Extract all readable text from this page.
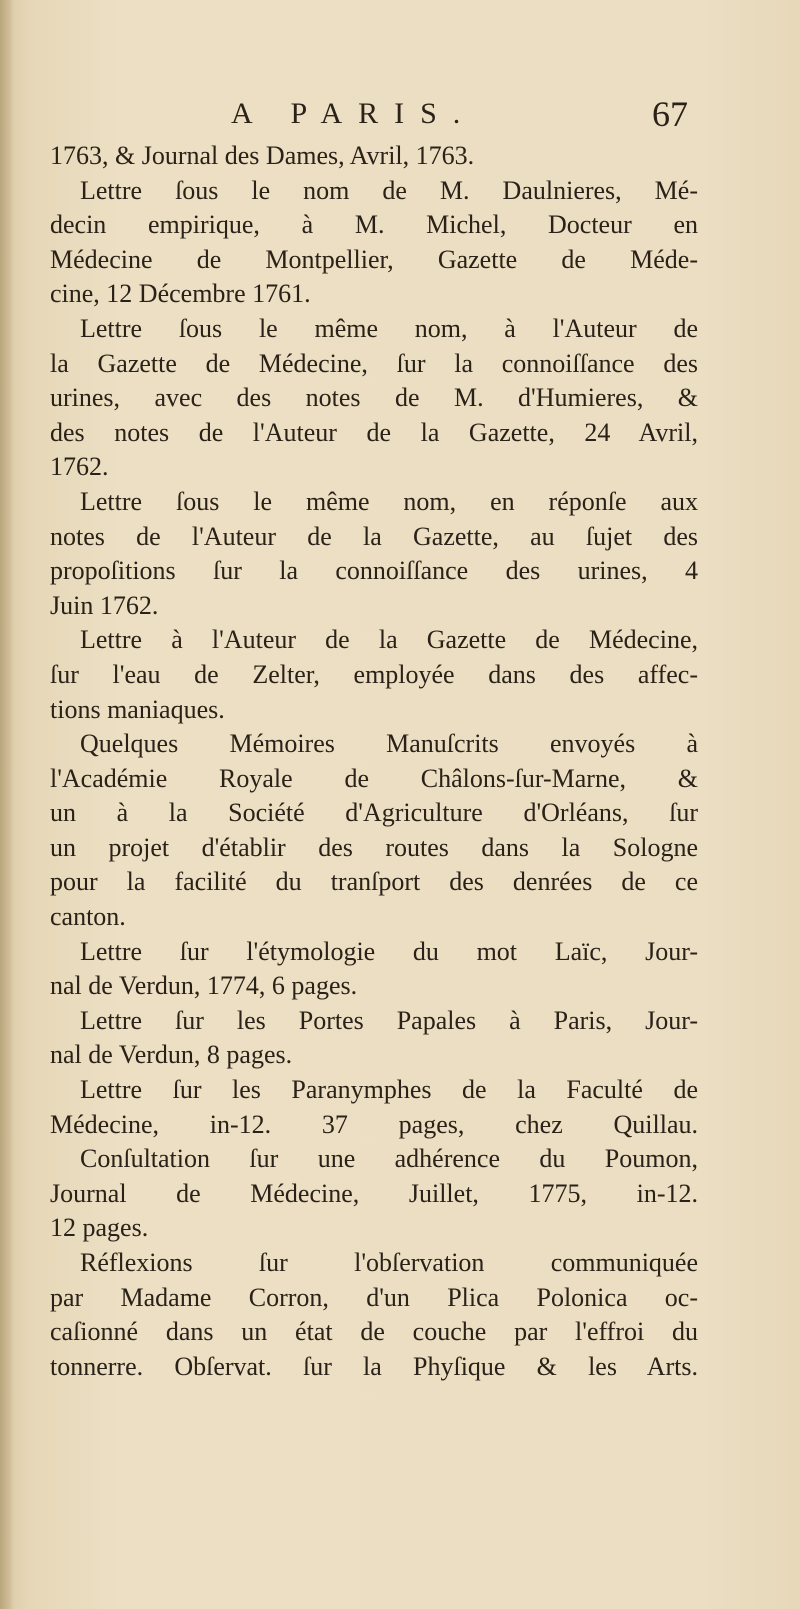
A PARIS.	67
1763, & Journal des Dames, Avril, 1763.
Lettre ſous le nom de M. Daulnieres, Mé-
decin empirique, à M. Michel, Docteur en
Médecine de Montpellier, Gazette de Méde-
cine, 12 Décembre 1761.
Lettre ſous le même nom, à l'Auteur de
la Gazette de Médecine, ſur la connoiſſance des
urines, avec des notes de M. d'Humieres, &
des notes de l'Auteur de la Gazette, 24 Avril,
1762.
Lettre ſous le même nom, en réponſe aux
notes de l'Auteur de la Gazette, au ſujet des
propoſitions ſur la connoiſſance des urines, 4
Juin 1762.
Lettre à l'Auteur de la Gazette de Médecine,
ſur l'eau de Zelter, employée dans des affec-
tions maniaques.
Quelques Mémoires Manuſcrits envoyés à
l'Académie Royale de Châlons-ſur-Marne, &
un à la Société d'Agriculture d'Orléans, ſur
un projet d'établir des routes dans la Sologne
pour la facilité du tranſport des denrées de ce
canton.
Lettre ſur l'étymologie du mot Laïc, Jour-
nal de Verdun, 1774, 6 pages.
Lettre ſur les Portes Papales à Paris, Jour-
nal de Verdun, 8 pages.
Lettre ſur les Paranymphes de la Faculté de
Médecine, in-12. 37 pages, chez Quillau.
Conſultation ſur une adhérence du Poumon,
Journal de Médecine, Juillet, 1775, in-12.
12 pages.
Réflexions ſur l'obſervation communiquée
par Madame Corron, d'un Plica Polonica oc-
caſionné dans un état de couche par l'effroi du
tonnerre. Obſervat. ſur la Phyſique & les Arts.
